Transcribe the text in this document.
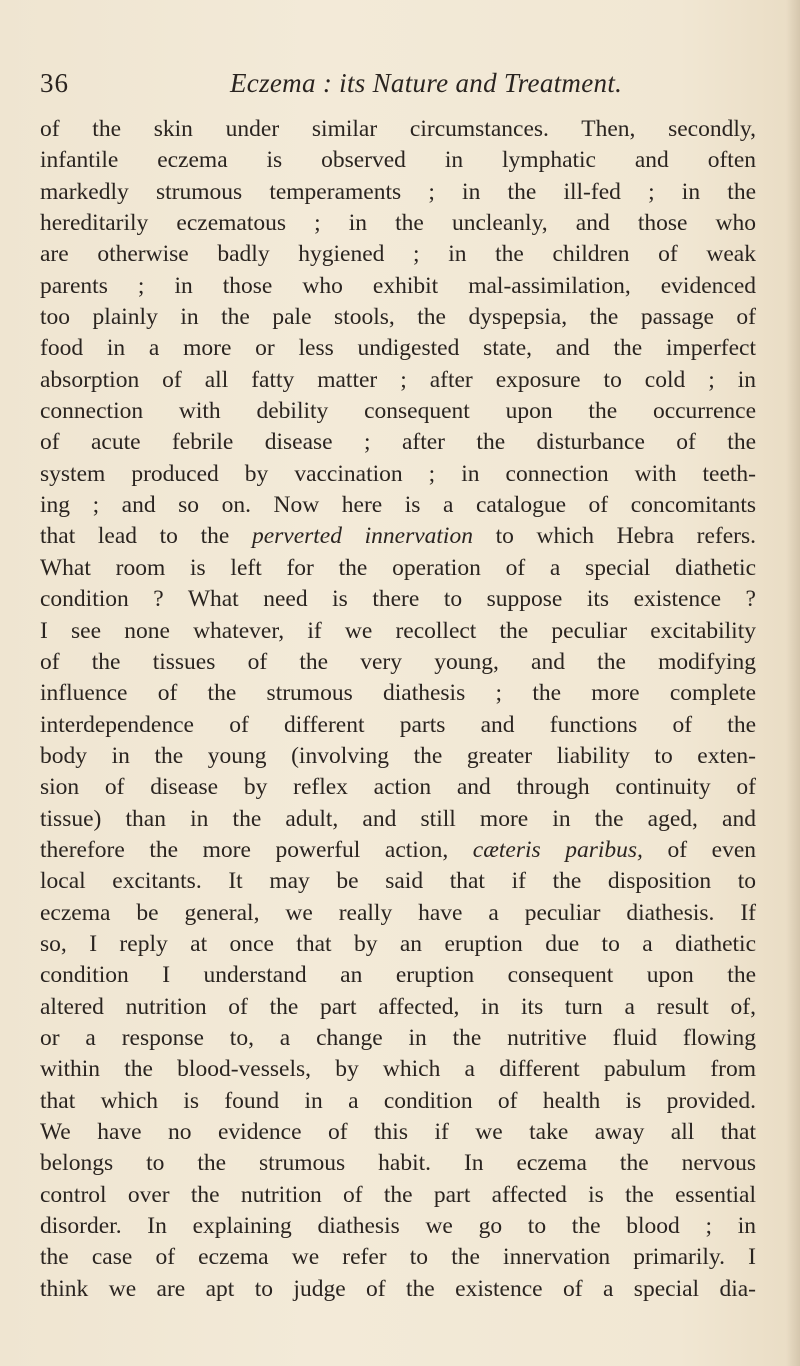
36	Eczema : its Nature and Treatment.
of the skin under similar circumstances. Then, secondly,
infantile eczema is observed in lymphatic and often
markedly strumous temperaments ; in the ill-fed ; in the
hereditarily eczematous ; in the uncleanly, and those who
are otherwise badly hygiened ; in the children of weak
parents ; in those who exhibit mal-assimilation, evidenced
too plainly in the pale stools, the dyspepsia, the passage of
food in a more or less undigested state, and the imperfect
absorption of all fatty matter ; after exposure to cold ; in
connection with debility consequent upon the occurrence
of acute febrile disease ; after the disturbance of the
system produced by vaccination ; in connection with teeth-
ing ; and so on. Now here is a catalogue of concomitants
that lead to the perverted innervation to which Hebra refers.
What room is left for the operation of a special diathetic
condition ? What need is there to suppose its existence ?
I see none whatever, if we recollect the peculiar excitability
of the tissues of the very young, and the modifying
influence of the strumous diathesis ; the more complete
interdependence of different parts and functions of the
body in the young (involving the greater liability to exten-
sion of disease by reflex action and through continuity of
tissue) than in the adult, and still more in the aged, and
therefore the more powerful action, cæteris paribus, of even
local excitants. It may be said that if the disposition to
eczema be general, we really have a peculiar diathesis. If
so, I reply at once that by an eruption due to a diathetic
condition I understand an eruption consequent upon the
altered nutrition of the part affected, in its turn a result of,
or a response to, a change in the nutritive fluid flowing
within the blood-vessels, by which a different pabulum from
that which is found in a condition of health is provided.
We have no evidence of this if we take away all that
belongs to the strumous habit. In eczema the nervous
control over the nutrition of the part affected is the essential
disorder. In explaining diathesis we go to the blood ; in
the case of eczema we refer to the innervation primarily. I
think we are apt to judge of the existence of a special dia-
